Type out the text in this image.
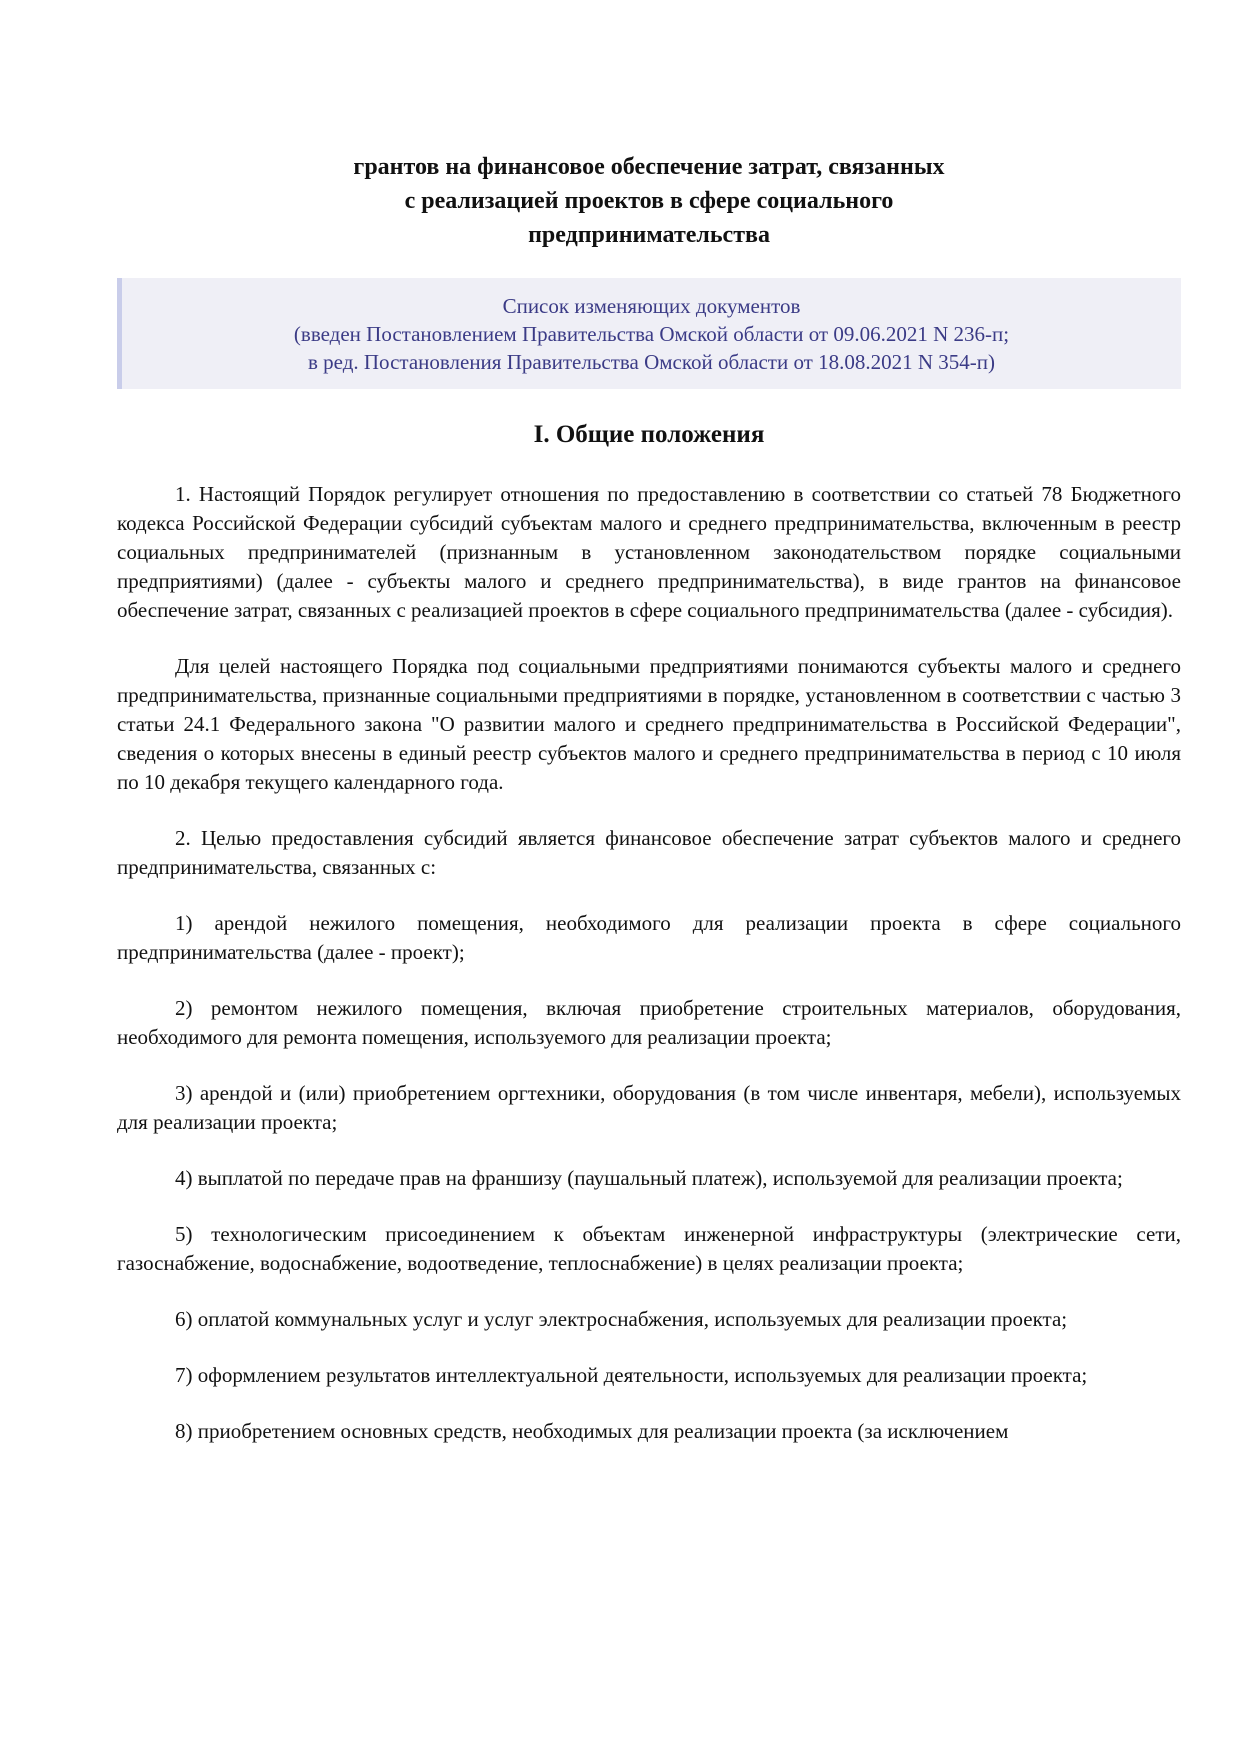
грантов на финансовое обеспечение затрат, связанных
с реализацией проектов в сфере социального
предпринимательства
Список изменяющих документов
(введен Постановлением Правительства Омской области от 09.06.2021 N 236-п;
в ред. Постановления Правительства Омской области от 18.08.2021 N 354-п)
I. Общие положения

1. Настоящий Порядок регулирует отношения по предоставлению в соответствии со статьей 78 Бюджетного кодекса Российской Федерации субсидий субъектам малого и среднего предпринимательства, включенным в реестр социальных предпринимателей (признанным в установленном законодательством порядке социальными предприятиями) (далее - субъекты малого и среднего предпринимательства), в виде грантов на финансовое обеспечение затрат, связанных с реализацией проектов в сфере социального предпринимательства (далее - субсидия).

Для целей настоящего Порядка под социальными предприятиями понимаются субъекты малого и среднего предпринимательства, признанные социальными предприятиями в порядке, установленном в соответствии с частью 3 статьи 24.1 Федерального закона "О развитии малого и среднего предпринимательства в Российской Федерации", сведения о которых внесены в единый реестр субъектов малого и среднего предпринимательства в период с 10 июля по 10 декабря текущего календарного года.

2. Целью предоставления субсидий является финансовое обеспечение затрат субъектов малого и среднего предпринимательства, связанных с:

1) арендой нежилого помещения, необходимого для реализации проекта в сфере социального предпринимательства (далее - проект);

2) ремонтом нежилого помещения, включая приобретение строительных материалов, оборудования, необходимого для ремонта помещения, используемого для реализации проекта;

3) арендой и (или) приобретением оргтехники, оборудования (в том числе инвентаря, мебели), используемых для реализации проекта;

4) выплатой по передаче прав на франшизу (паушальный платеж), используемой для реализации проекта;

5) технологическим присоединением к объектам инженерной инфраструктуры (электрические сети, газоснабжение, водоснабжение, водоотведение, теплоснабжение) в целях реализации проекта;

6) оплатой коммунальных услуг и услуг электроснабжения, используемых для реализации проекта;

7) оформлением результатов интеллектуальной деятельности, используемых для реализации проекта;

8) приобретением основных средств, необходимых для реализации проекта (за исключением
